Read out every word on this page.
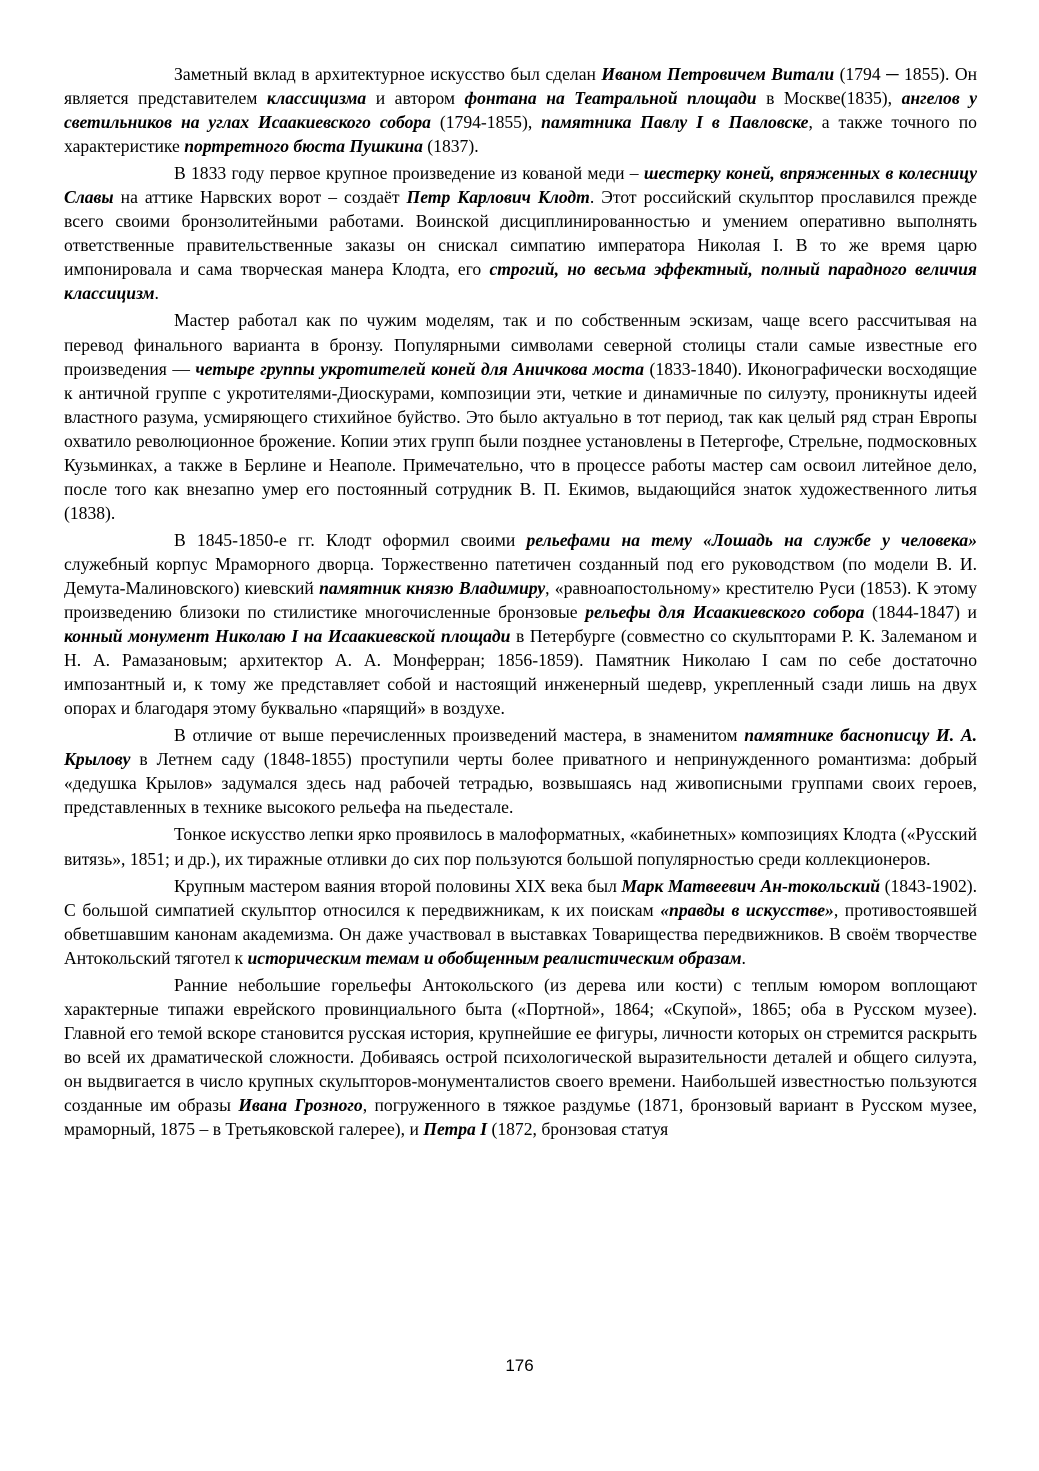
Заметный вклад в архитектурное искусство был сделан Иваном Петровичем Витали (1794 ─ 1855). Он является представителем классицизма и автором фонтана на Театральной площади в Москве(1835), ангелов у светильников на углах Исаакиевского собора (1794-1855), памятника Павлу I в Павловске, а также точного по характеристике портретного бюста Пушкина (1837).

В 1833 году первое крупное произведение из кованой меди – шестерку коней, впряженных в колесницу Славы на аттике Нарвских ворот – создаёт Петр Карлович Клодт. Этот российский скульптор прославился прежде всего своими бронзолитейными работами. Воинской дисциплинированностью и умением оперативно выполнять ответственные правительственные заказы он снискал симпатию императора Николая I. В то же время царю импонировала и сама творческая манера Клодта, его строгий, но весьма эффектный, полный парадного величия классицизм.

Мастер работал как по чужим моделям, так и по собственным эскизам, чаще всего рассчитывая на перевод финального варианта в бронзу. Популярными символами северной столицы стали самые известные его произведения — четыре группы укротителей коней для Аничкова моста (1833-1840). Иконографически восходящие к античной группе с укротителями-Диоскурами, композиции эти, четкие и динамичные по силуэту, проникнуты идеей властного разума, усмиряющего стихийное буйство. Это было актуально в тот период, так как целый ряд стран Европы охватило революционное брожение. Копии этих групп были позднее установлены в Петергофе, Стрельне, подмосковных Кузьминках, а также в Берлине и Неаполе. Примечательно, что в процессе работы мастер сам освоил литейное дело, после того как внезапно умер его постоянный сотрудник В. П. Екимов, выдающийся знаток художественного литья (1838).

В 1845-1850-е гг. Клодт оформил своими рельефами на тему «Лошадь на службе у человека» служебный корпус Мраморного дворца. Торжественно патетичен созданный под его руководством (по модели В. И. Демута-Малиновского) киевский памятник князю Владимиру, «равноапостольному» крестителю Руси (1853). К этому произведению близоки по стилистике многочисленные бронзовые рельефы для Исаакиевского собора (1844-1847) и конный монумент Николаю I на Исаакиевской площади в Петербурге (совместно со скульпторами Р. К. Залеманом и Н. А. Рамазановым; архитектор А. А. Монферран; 1856-1859). Памятник Николаю I сам по себе достаточно импозантный и, к тому же представляет собой и настоящий инженерный шедевр, укрепленный сзади лишь на двух опорах и благодаря этому буквально «парящий» в воздухе.

В отличие от выше перечисленных произведений мастера, в знаменитом памятнике баснописцу И. А. Крылову в Летнем саду (1848-1855) проступили черты более приватного и непринужденного романтизма: добрый «дедушка Крылов» задумался здесь над рабочей тетрадью, возвышаясь над живописными группами своих героев, представленных в технике высокого рельефа на пьедестале.

Тонкое искусство лепки ярко проявилось в малоформатных, «кабинетных» композициях Клодта («Русский витязь», 1851; и др.), их тиражные отливки до сих пор пользуются большой популярностью среди коллекционеров.

Крупным мастером ваяния второй половины XIX века был Марк Матвеевич Ан-токольский (1843-1902). С большой симпатией скульптор относился к передвижникам, к их поискам «правды в искусстве», противостоявшей обветшавшим канонам академизма. Он даже участвовал в выставках Товарищества передвижников. В своём творчестве Антокольский тяготел к историческим темам и обобщенным реалистическим образам.

Ранние небольшие горельефы Антокольского (из дерева или кости) с теплым юмором воплощают характерные типажи еврейского провинциального быта («Портной», 1864; «Скупой», 1865; оба в Русском музее). Главной его темой вскоре становится русская история, крупнейшие ее фигуры, личности которых он стремится раскрыть во всей их драматической сложности. Добиваясь острой психологической выразительности деталей и общего силуэта, он выдвигается в число крупных скульпторов-монументалистов своего времени. Наибольшей известностью пользуются созданные им образы Ивана Грозного, погруженного в тяжкое раздумье (1871, бронзовый вариант в Русском музее, мраморный, 1875 – в Третьяковской галерее), и Петра I (1872, бронзовая статуя

176
